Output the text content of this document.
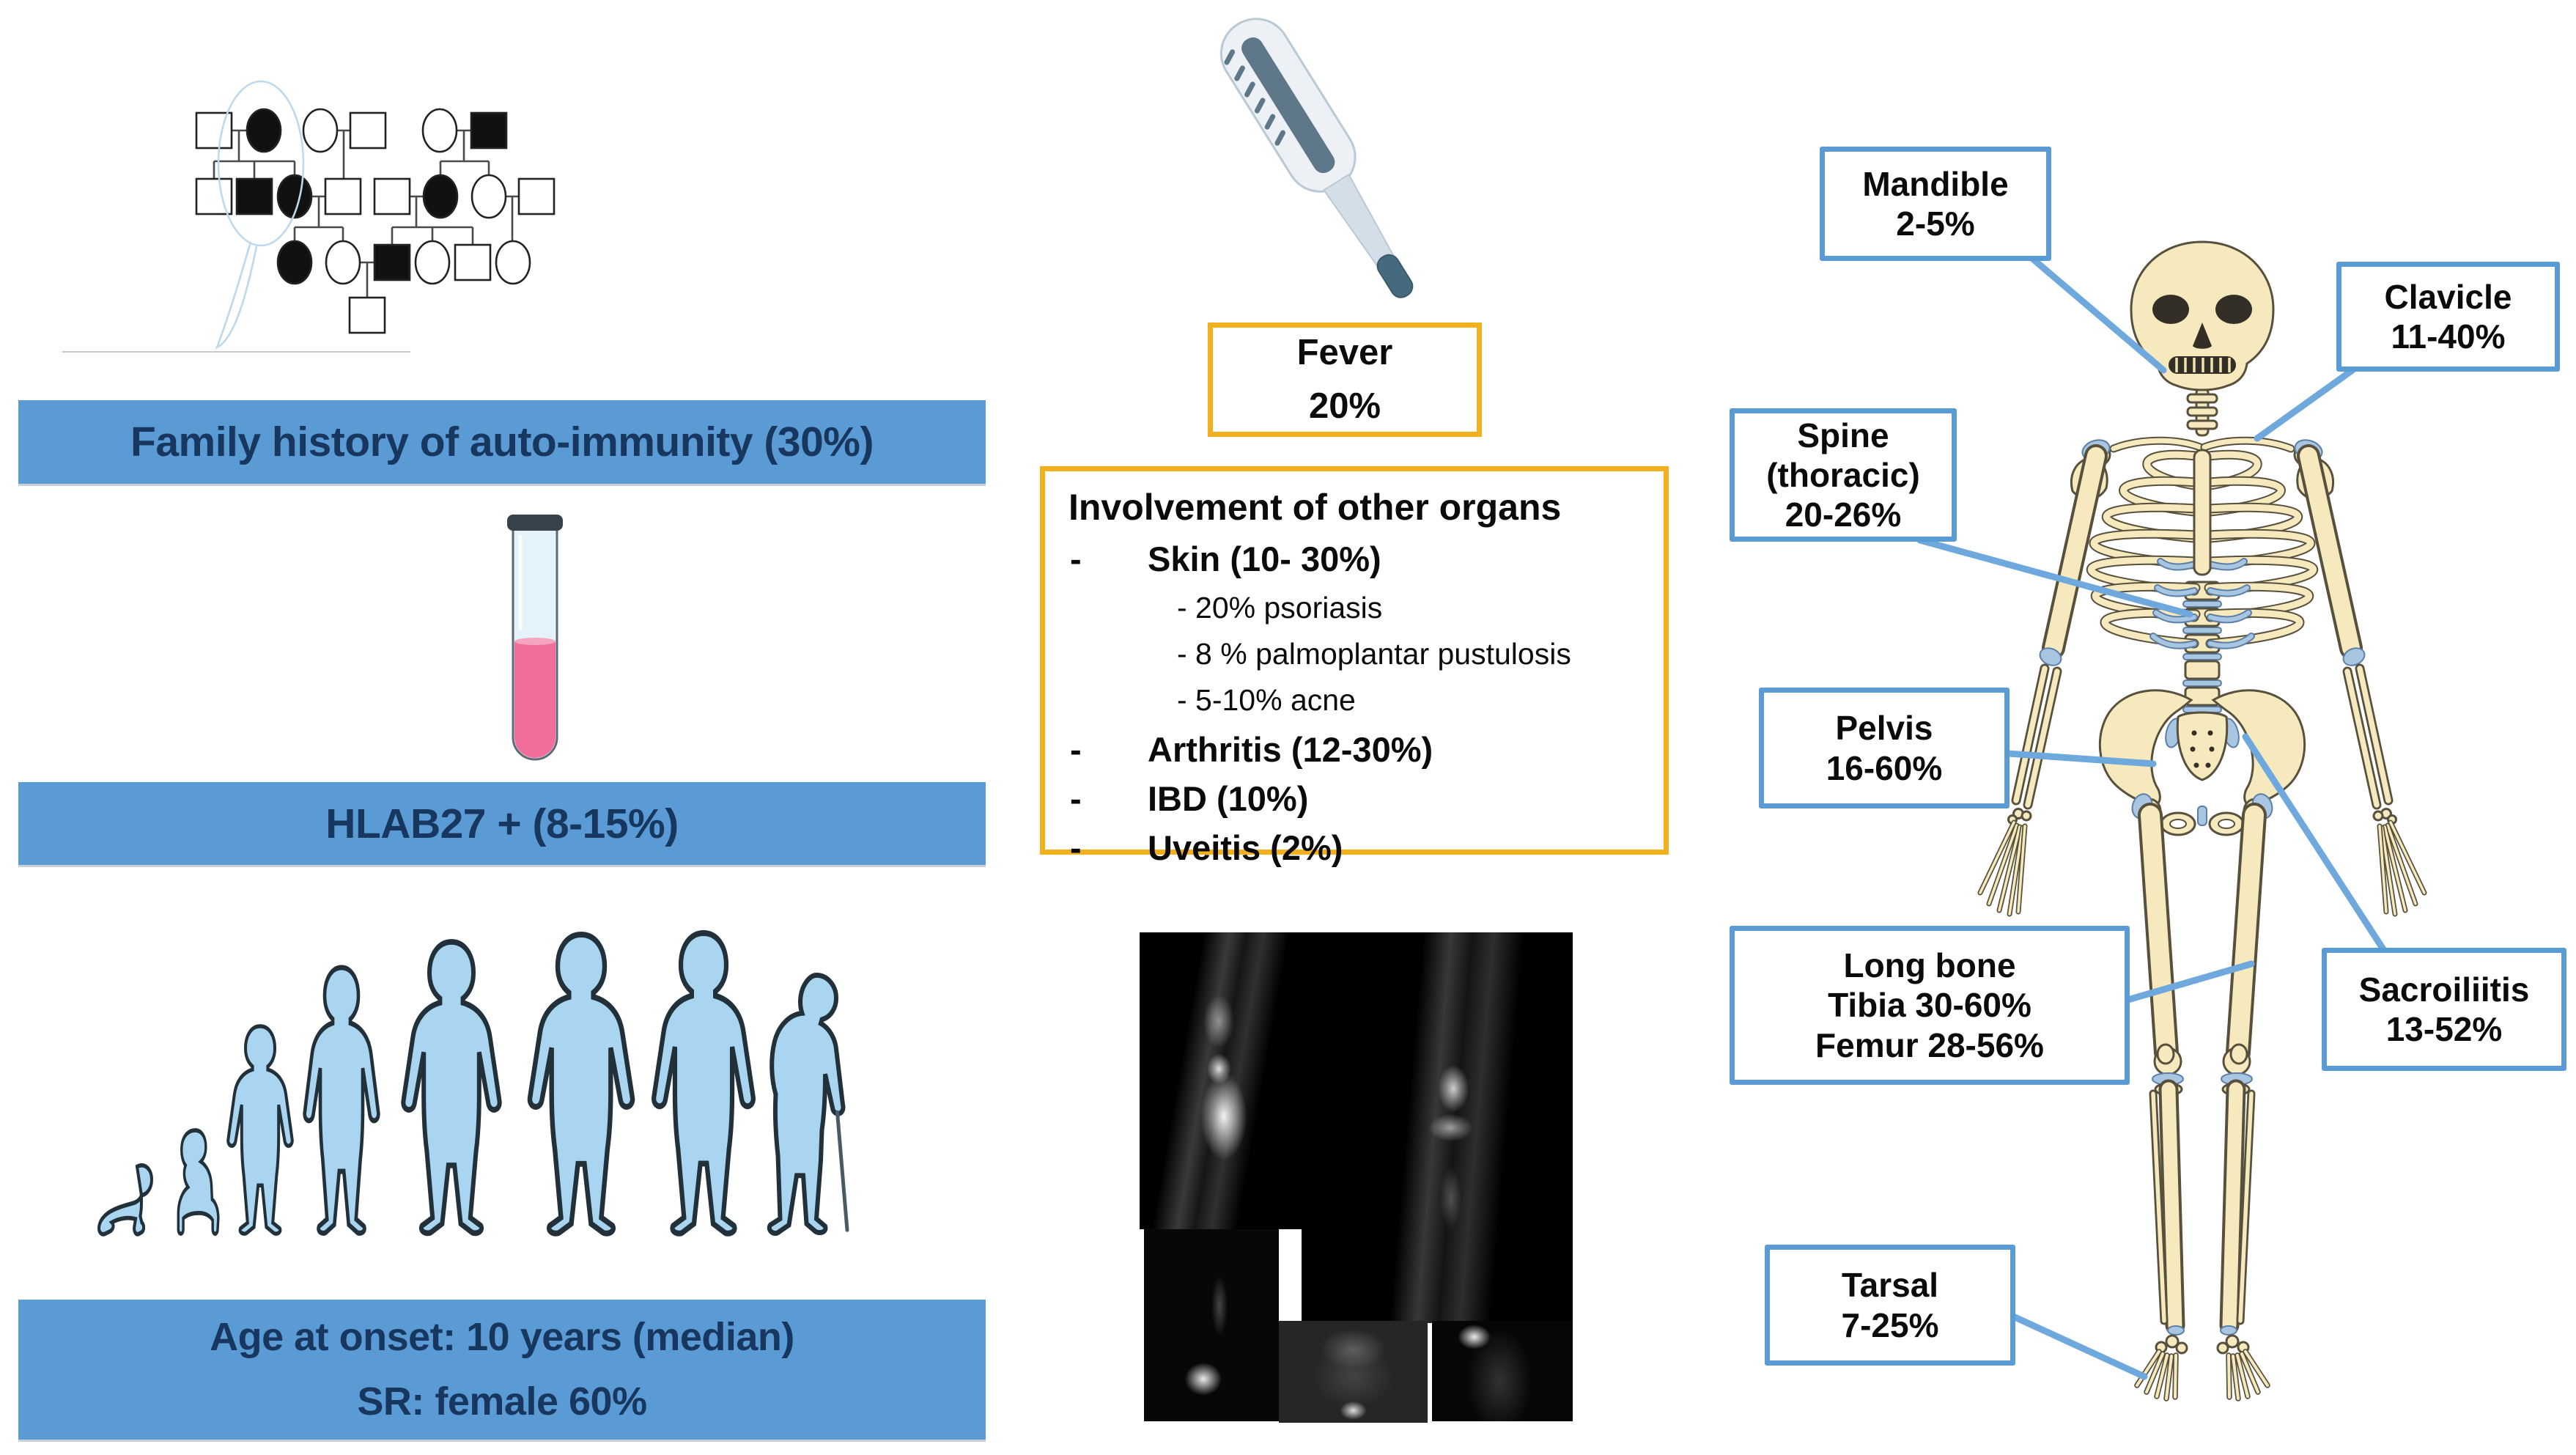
Family history of auto-immunity (30%)
HLAB27 + (8-15%)
Age at onset: 10 years (median)
SR: female 60%
Fever
20%
Involvement of other organs
-	Skin (10- 30%)
- 20% psoriasis
- 8 % palmoplantar pustulosis
- 5-10% acne
-	Arthritis (12-30%)
-	IBD (10%)
-	Uveitis (2%)
Mandible
2-5%
Clavicle
11-40%
Spine
(thoracic)
20-26%
Pelvis
16-60%
Long bone
Tibia 30-60%
Femur 28-56%
Sacroiliitis
13-52%
Tarsal
7-25%
